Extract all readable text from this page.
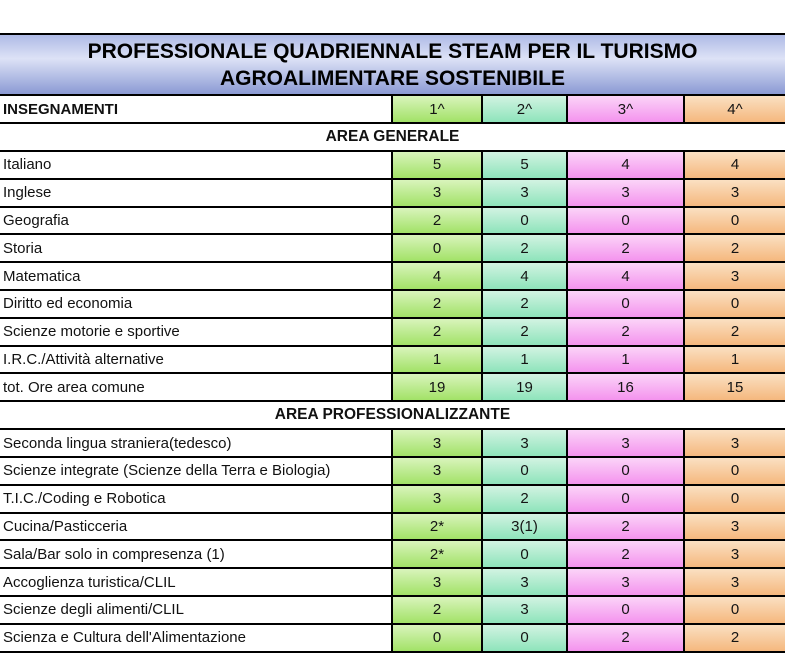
PROFESSIONALE QUADRIENNALE STEAM PER IL TURISMO
AGROALIMENTARE SOSTENIBILE
INSEGNAMENTI	1^	2^	3^	4^
AREA GENERALE
Italiano	5	5	4	4
Inglese	3	3	3	3
Geografia	2	0	0	0
Storia	0	2	2	2
Matematica	4	4	4	3
Diritto ed economia	2	2	0	0
Scienze motorie e sportive	2	2	2	2
I.R.C./Attività alternative	1	1	1	1
tot. Ore area comune	19	19	16	15
AREA PROFESSIONALIZZANTE
Seconda lingua straniera(tedesco)	3	3	3	3
Scienze integrate (Scienze della Terra e Biologia)	3	0	0	0
T.I.C./Coding e Robotica	3	2	0	0
Cucina/Pasticceria	2*	3(1)	2	3
Sala/Bar solo in compresenza (1)	2*	0	2	3
Accoglienza turistica/CLIL	3	3	3	3
Scienze degli alimenti/CLIL	2	3	0	0
Scienza e Cultura dell'Alimentazione	0	0	2	2
